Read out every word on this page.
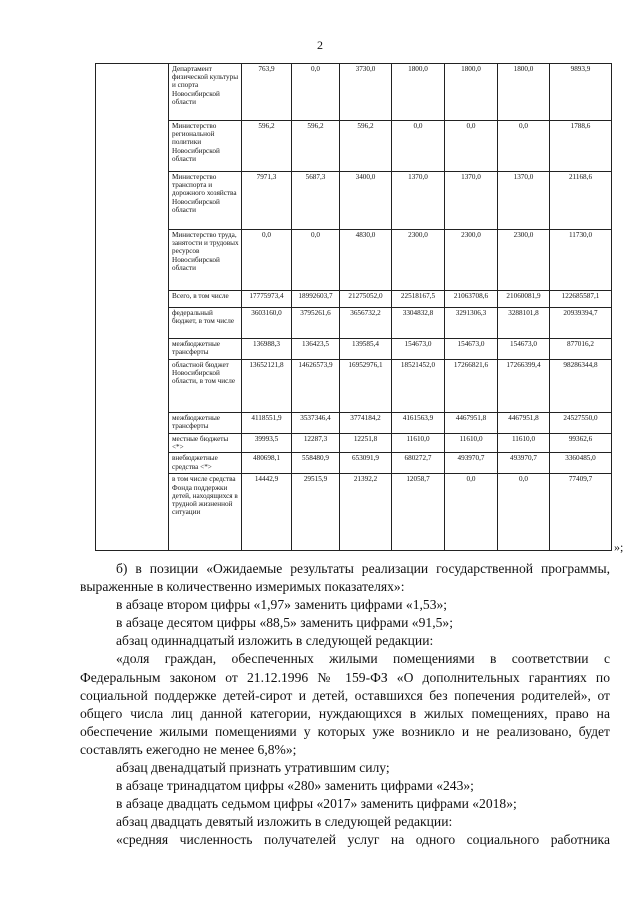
2
	Департамент физической культуры и спорта Новосибирской области	763,9	0,0	3730,0	1800,0	1800,0	1800,0	9893,9
	Министерство региональной политики Новосибирской области	596,2	596,2	596,2	0,0	0,0	0,0	1788,6
	Министерство транспорта и дорожного хозяйства Новосибирской области	7971,3	5687,3	3400,0	1370,0	1370,0	1370,0	21168,6
	Министерство труда, занятости и трудовых ресурсов Новосибирской области	0,0	0,0	4830,0	2300,0	2300,0	2300,0	11730,0
	Всего, в том числе	17775973,4	18992603,7	21275052,0	22518167,5	21063708,6	21060081,9	122685587,1
	федеральный бюджет, в том числе	3603160,0	3795261,6	3656732,2	3304832,8	3291306,3	3288101,8	20939394,7
	межбюджетные трансферты	136988,3	136423,5	139585,4	154673,0	154673,0	154673,0	877016,2
	областной бюджет Новосибирской области, в том числе	13652121,8	14626573,9	16952976,1	18521452,0	17266821,6	17266399,4	98286344,8
	межбюджетные трансферты	4118551,9	3537346,4	3774184,2	4161563,9	4467951,8	4467951,8	24527550,0
	местные бюджеты <*>	39993,5	12287,3	12251,8	11610,0	11610,0	11610,0	99362,6
	внебюджетные средства <*>	480698,1	558480,9	653091,9	680272,7	493970,7	493970,7	3360485,0
	в том числе средства Фонда поддержки детей, находящихся в трудной жизненной ситуации	14442,9	29515,9	21392,2	12058,7	0,0	0,0	77409,7
»;

б) в позиции «Ожидаемые результаты реализации государственной программы, выраженные в количественно измеримых показателях»:

в абзаце втором цифры «1,97» заменить цифрами «1,53»;

в абзаце десятом цифры «88,5» заменить цифрами «91,5»;

абзац одиннадцатый изложить в следующей редакции:

«доля граждан, обеспеченных жилыми помещениями в соответствии с Федеральным законом от 21.12.1996 № 159-ФЗ «О дополнительных гарантиях по социальной поддержке детей-сирот и детей, оставшихся без попечения родителей», от общего числа лиц данной категории, нуждающихся в жилых помещениях, право на обеспечение жилыми помещениями у которых уже возникло и не реализовано, будет составлять ежегодно не менее 6,8%»;

абзац двенадцатый признать утратившим силу;

в абзаце тринадцатом цифры «280» заменить цифрами «243»;

в абзаце двадцать седьмом цифры «2017» заменить цифрами «2018»;

абзац двадцать девятый изложить в следующей редакции:

«средняя численность получателей услуг на одного социального работника
